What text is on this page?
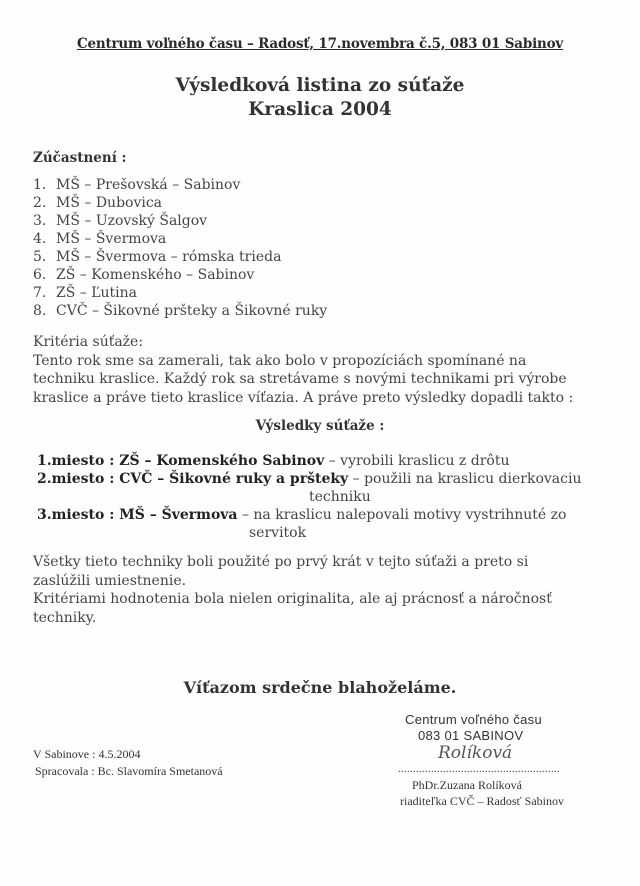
Centrum voľného času – Radosť, 17.novembra č.5, 083 01 Sabinov
Výsledková listina zo súťaže
Kraslica 2004
Zúčastnení :
1. MŠ – Prešovská – Sabinov
2. MŠ – Dubovica
3. MŠ – Uzovský Šalgov
4. MŠ – Švermova
5. MŠ – Švermova – rómska trieda
6. ZŠ – Komenského – Sabinov
7. ZŠ – Ľutina
8. CVČ – Šikovné pršteky a Šikovné ruky
Kritéria súťaže:
Tento rok sme sa zamerali, tak ako bolo v propozíciách spomínané na
techniku kraslice. Každý rok sa stretávame s novými technikami pri výrobe
kraslice a práve tieto kraslice víťazia. A práve preto výsledky dopadli takto :
Výsledky súťaže :
1.miesto : ZŠ – Komenského Sabinov – vyrobili kraslicu z drôtu
2.miesto : CVČ – Šikovné ruky a pršteky – použili na kraslicu dierkovaciu
techniku
3.miesto : MŠ – Švermova – na kraslicu nalepovali motivy vystrihnuté zo
servitok
Všetky tieto techniky boli použité po prvý krát v tejto súťaži a preto si
zaslúžili umiestnenie.
Kritériami hodnotenia bola nielen originalita, ale aj prácnosť a náročnosť
techniky.
Víťazom srdečne blahoželáme.
V Sabinove : 4.5.2004
Spracovala : Bc. Slavomíra Smetanová
Centrum voľného času
083 01 SABINOV
Rolíková
......................................................
PhDr.Zuzana Rolíková
riaditeľka CVČ – Radosť Sabinov
